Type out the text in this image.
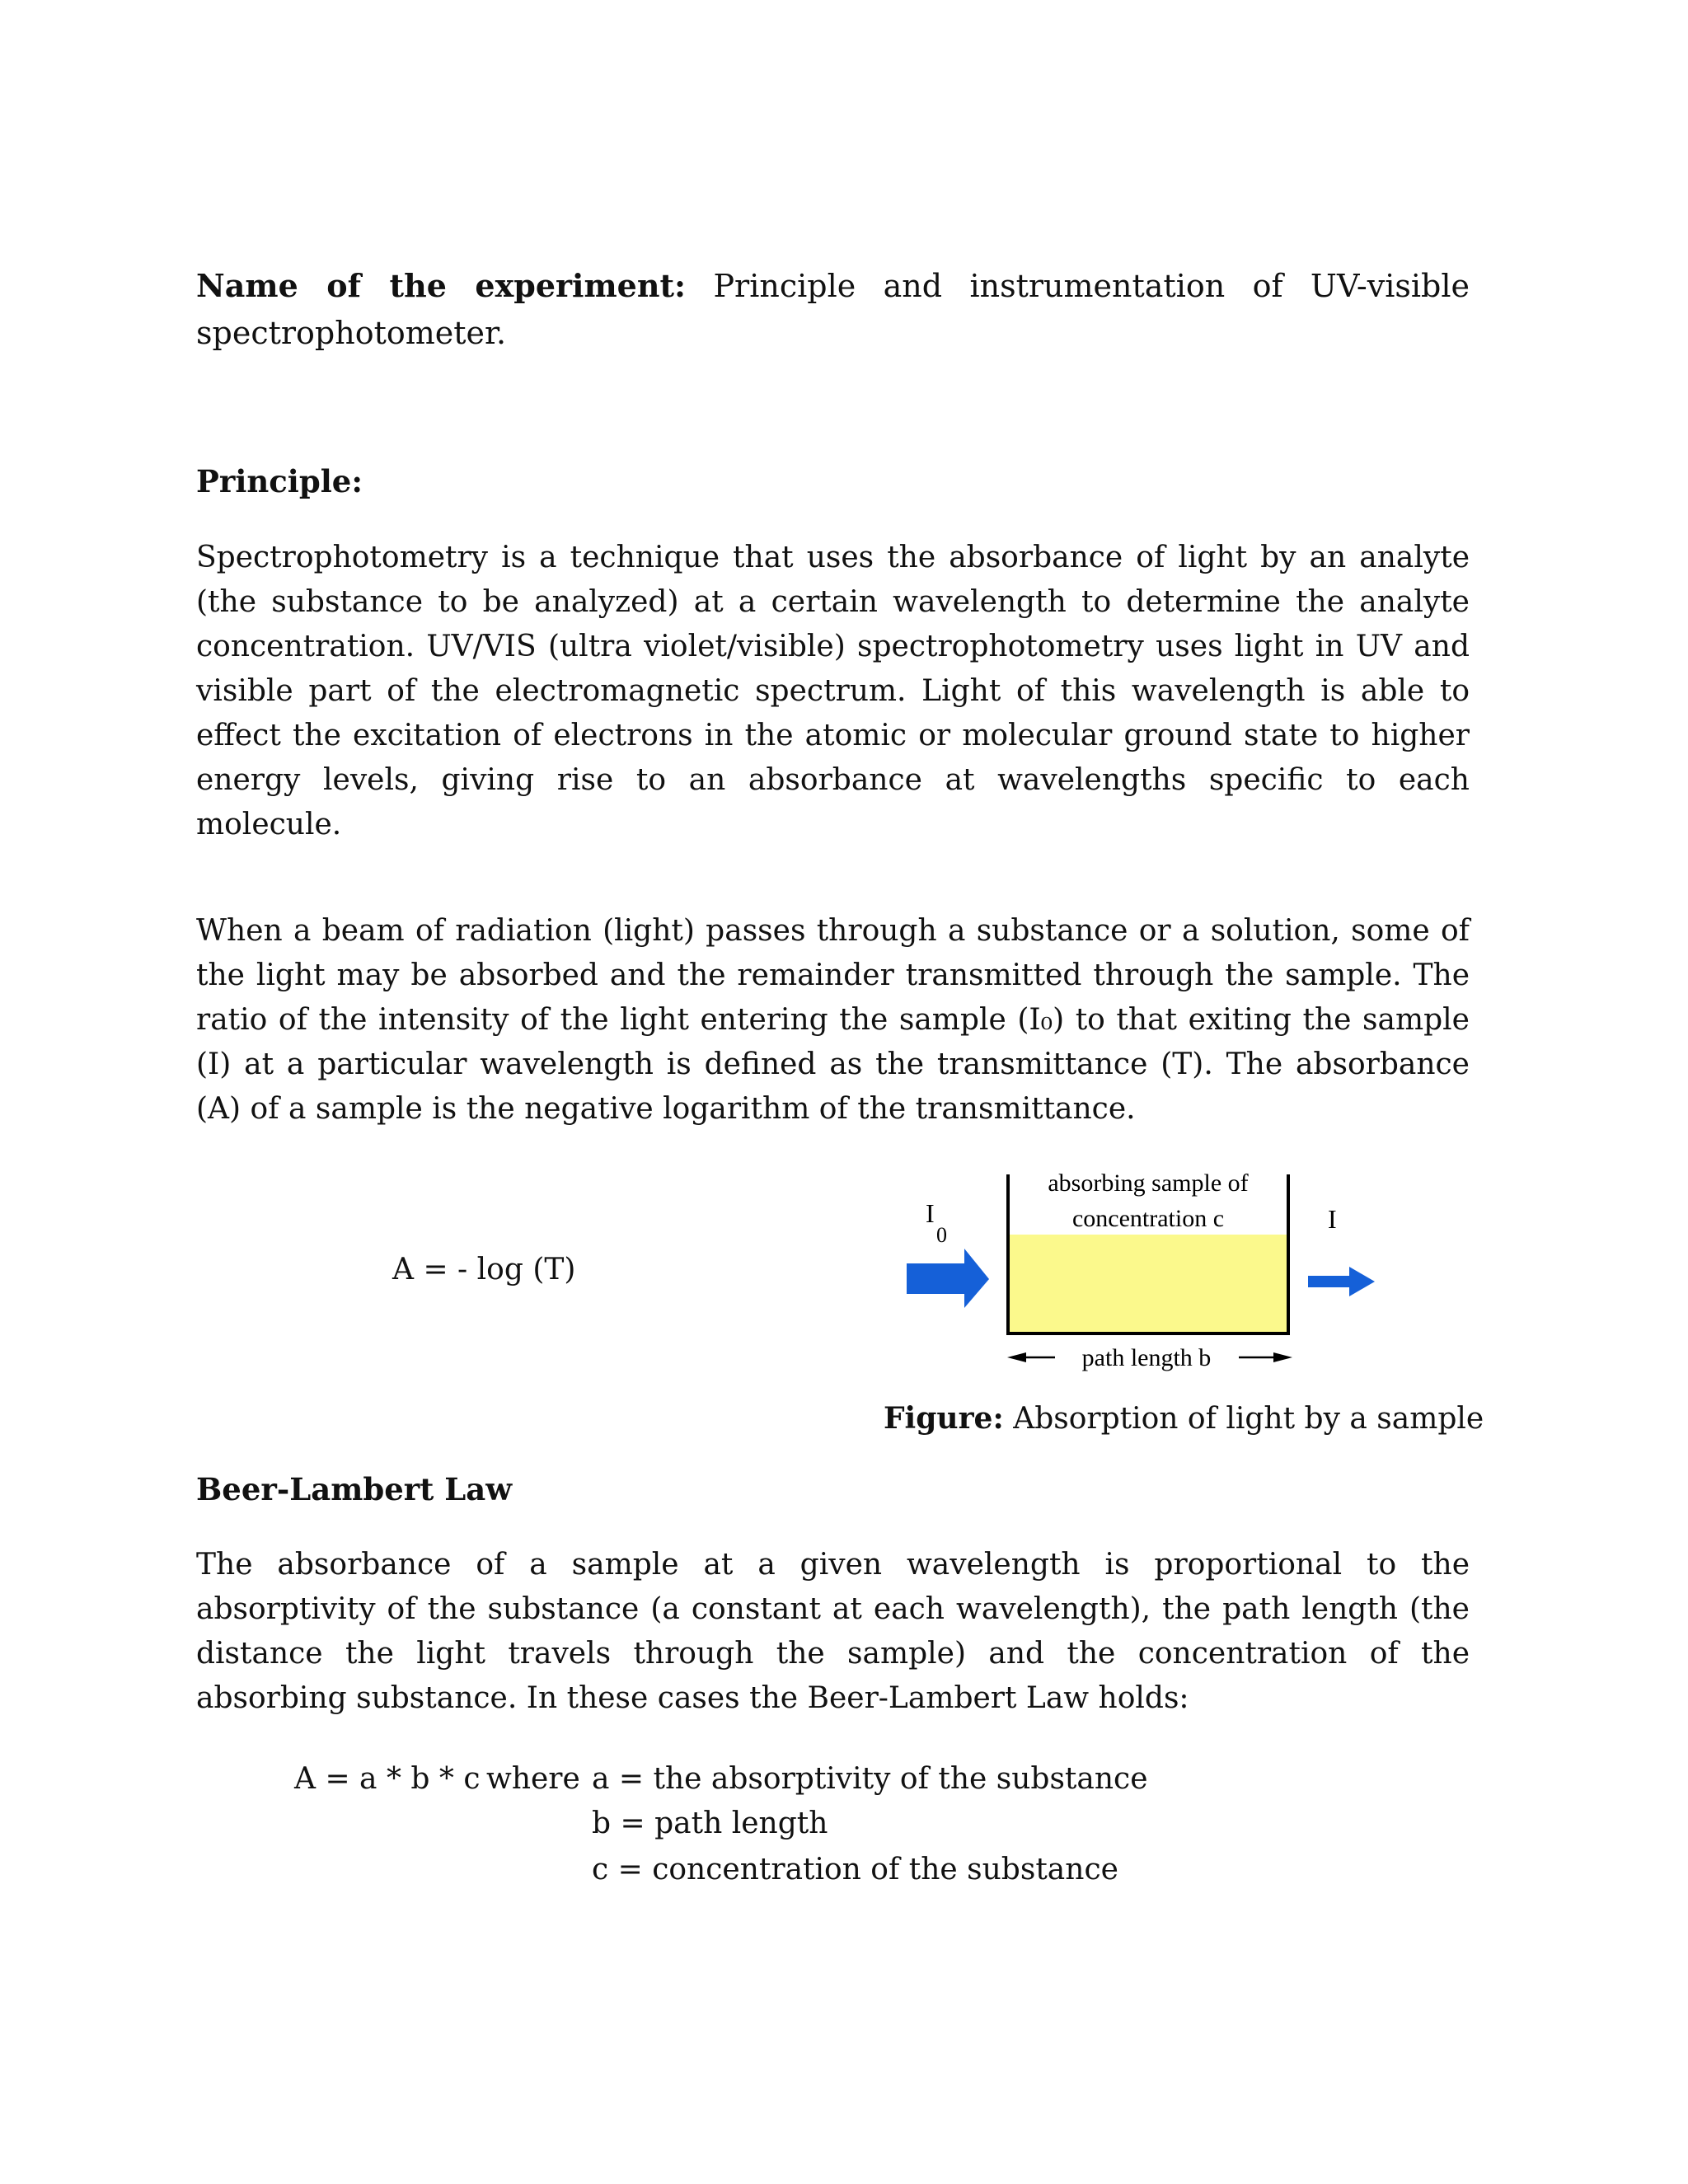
Name of the experiment: Principle and instrumentation of UV-visible spectrophotometer.

Principle:

Spectrophotometry is a technique that uses the absorbance of light by an analyte (the substance to be analyzed) at a certain wavelength to determine the analyte concentration. UV/VIS (ultra violet/visible) spectrophotometry uses light in UV and visible part of the electromagnetic spectrum. Light of this wavelength is able to effect the excitation of electrons in the atomic or molecular ground state to higher energy levels, giving rise to an absorbance at wavelengths specific to each molecule.

When a beam of radiation (light) passes through a substance or a solution, some of the light may be absorbed and the remainder transmitted through the sample. The ratio of the intensity of the light entering the sample (I₀) to that exiting the sample (I) at a particular wavelength is defined as the transmittance (T). The absorbance (A) of a sample is the negative logarithm of the transmittance.

A = - log (T)
absorbing sample of
concentration c
I
0
I
path length b
Figure: Absorption of light by a sample

Beer-Lambert Law

The absorbance of a sample at a given wavelength is proportional to the absorptivity of the substance (a constant at each wavelength), the path length (the distance the light travels through the sample) and the concentration of the absorbing substance. In these cases the Beer-Lambert Law holds:

A = a * b * c where a = the absorptivity of the substance
b = path length
c = concentration of the substance
